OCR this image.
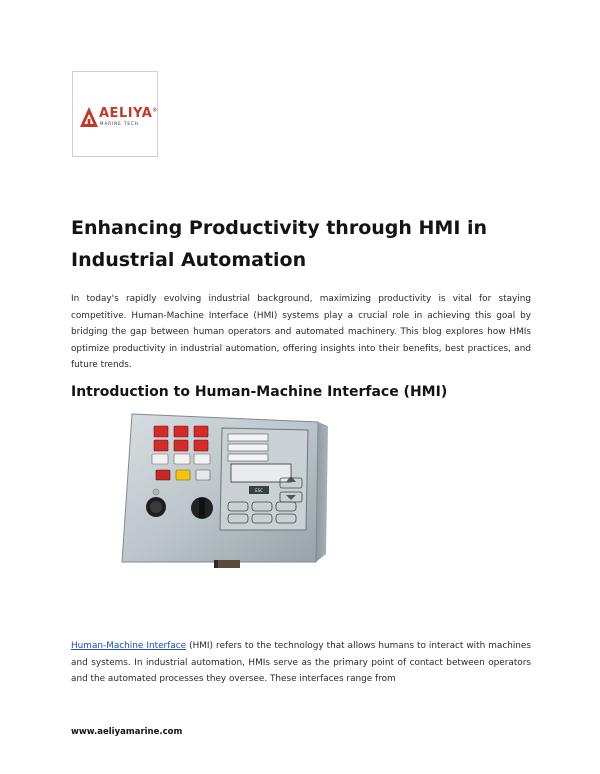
AELIYA®
MARINE TECH
Enhancing Productivity through HMI in Industrial Automation

In today's rapidly evolving industrial background, maximizing productivity is vital for staying competitive. Human-Machine Interface (HMI) systems play a crucial role in achieving this goal by bridging the gap between human operators and automated machinery. This blog explores how HMIs optimize productivity in industrial automation, offering insights into their benefits, best practices, and future trends.

Introduction to Human-Machine Interface (HMI)
ESC

Human-Machine Interface (HMI) refers to the technology that allows humans to interact with machines and systems. In industrial automation, HMIs serve as the primary point of contact between operators and the automated processes they oversee. These interfaces range from

www.aeliyamarine.com
